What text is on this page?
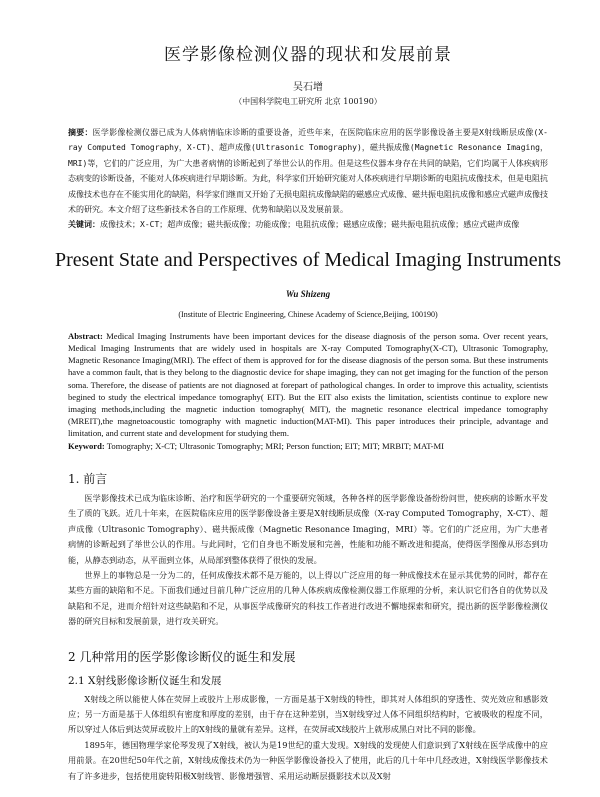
医学影像检测仪器的现状和发展前景
吴石增
（中国科学院电工研究所 北京 100190）
摘要：医学影像检测仪器已成为人体病情临床诊断的重要设备，近些年来，在医院临床应用的医学影像设备主要是X射线断层成像(X-ray Computed Tomography，X-CT)、超声成像(Ultrasonic Tomography)，磁共振成像(Magnetic Resonance Imaging，MRI)等，它们的广泛应用，为广大患者病情的诊断起到了举世公认的作用。但是这些仪器本身存在共同的缺陷，它们均属于人体疾病形态病变的诊断设备，不能对人体疾病进行早期诊断。为此，科学家们开始研究能对人体疾病进行早期诊断的电阻抗成像技术，但是电阻抗成像技术也存在不能实用化的缺陷，科学家们继而又开始了无损电阻抗成像缺陷的磁感应式成像、磁共振电阻抗成像和感应式磁声成像技术的研究。本文介绍了这些新技术各自的工作原理、优势和缺陷以及发展前景。
关键词：成像技术；X-CT；超声成像；磁共振成像；功能成像；电阻抗成像；磁感应成像；磁共振电阻抗成像；感应式磁声成像
Present State and Perspectives of Medical Imaging Instruments
Wu Shizeng
(Institute of Electric Engineering, Chinese Academy of Science,Beijing, 100190)
Abstract: Medical Imaging Instruments have been important devices for the disease diagnosis of the person soma. Over recent years, Medical Imaging Instruments that are widely used in hospitals are X-ray Computed Tomography(X-CT), Ultrasonic Tomography, Magnetic Resonance Imaging(MRI). The effect of them is approved for for the disease diagnosis of the person soma. But these instruments have a common fault, that is they belong to the diagnostic device for shape imaging, they can not get imaging for the function of the person soma. Therefore, the disease of patients are not diagnosed at forepart of pathological changes. In order to improve this actuality, scientists begined to study the electrical impedance tomography( EIT). But the EIT also exists the limitation, scientists continue to explore new imaging methods,including the magnetic induction tomography( MIT), the magnetic resonance electrical impedance tomography (MREIT),the magnetoacoustic tomography with magnetic induction(MAT-MI). This paper introduces their principle, advantage and limitation, and current state and development for studying them.
Keyword: Tomography; X-CT; Ultrasonic Tomography; MRI; Person function; EIT; MIT; MRBIT; MAT-MI
1. 前言
医学影像技术已成为临床诊断、治疗和医学研究的一个重要研究领域，各种各样的医学影像设备纷纷问世，使疾病的诊断水平发生了质的飞跃。近几十年来，在医院临床应用的医学影像设备主要是X射线断层成像（X-ray Computed Tomography，X-CT）、超声成像（Ultrasonic Tomography）、磁共振成像（Magnetic Resonance Imaging，MRI）等。它们的广泛应用，为广大患者病情的诊断起到了举世公认的作用。与此同时，它们自身也不断发展和完善，性能和功能不断改进和提高，使得医学图像从形态到功能，从静态到动态，从平面到立体，从局部到整体获得了很快的发展。
世界上的事物总是一分为二的，任何成像技术都不是万能的，以上得以广泛应用的每一种成像技术在显示其优势的同时，都存在某些方面的缺陷和不足。下面我们通过目前几种广泛应用的几种人体疾病成像检测仪器工作原理的分析，来认识它们各自的优势以及缺陷和不足，进而介绍针对这些缺陷和不足，从事医学成像研究的科技工作者进行改进不懈地探索和研究，提出新的医学影像检测仪器的研究目标和发展前景，进行攻关研究。
2 几种常用的医学影像诊断仪的诞生和发展
2.1 X射线影像诊断仪诞生和发展
X射线之所以能使人体在荧屏上或胶片上形成影像，一方面是基于X射线的特性，即其对人体组织的穿透性、荧光效应和感影效应；另一方面是基于人体组织有密度和厚度的差别，由于存在这种差别，当X射线穿过人体不同组织结构时，它被吸收的程度不同，所以穿过人体后到达荧屏或胶片上的X射线的量就有差异。这样，在荧屏或X线胶片上就形成黑白对比不同的影像。
1895年，德国物理学家伦琴发现了X射线，被认为是19世纪的重大发现。X射线的发现使人们意识到了X射线在医学成像中的应用前景。在20世纪50年代之前，X射线成像技术仍为一种医学影像设备投入了使用，此后的几十年中几经改进，X射线医学影像技术有了许多进步，包括使用旋转阳极X射线管、影像增强管、采用运动断层摄影技术以及X射
